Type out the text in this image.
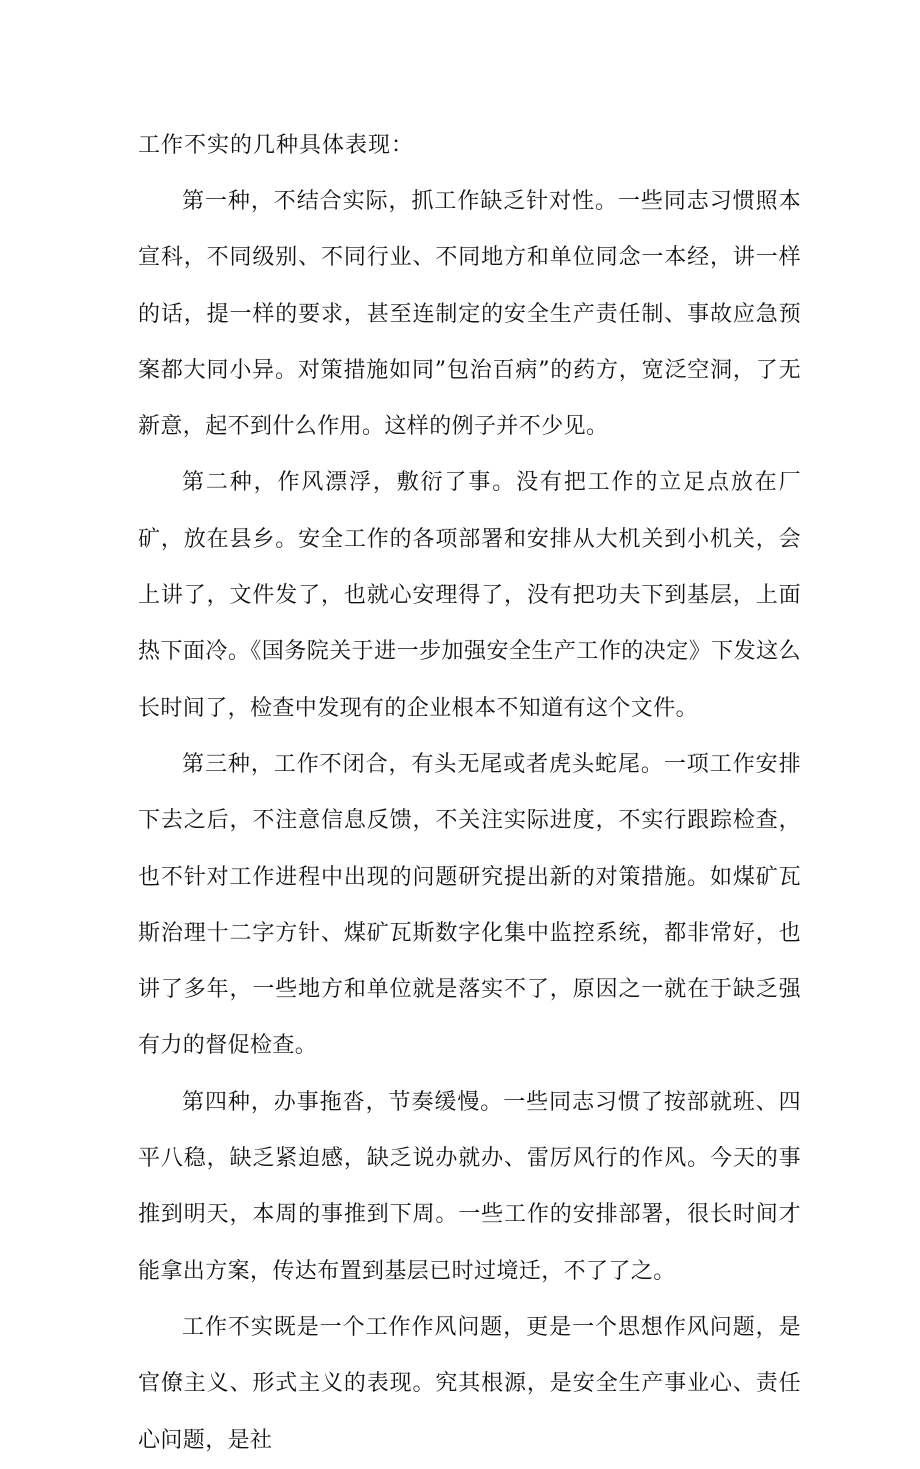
工作不实的几种具体表现：

第一种，不结合实际，抓工作缺乏针对性。一些同志习惯照本宣科，不同级别、不同行业、不同地方和单位同念一本经，讲一样的话，提一样的要求，甚至连制定的安全生产责任制、事故应急预案都大同小异。对策措施如同”包治百病”的药方，宽泛空洞，了无新意，起不到什么作用。这样的例子并不少见。

第二种，作风漂浮，敷衍了事。没有把工作的立足点放在厂矿，放在县乡。安全工作的各项部署和安排从大机关到小机关，会上讲了，文件发了，也就心安理得了，没有把功夫下到基层，上面热下面冷。《国务院关于进一步加强安全生产工作的决定》下发这么长时间了，检查中发现有的企业根本不知道有这个文件。

第三种，工作不闭合，有头无尾或者虎头蛇尾。一项工作安排下去之后，不注意信息反馈，不关注实际进度，不实行跟踪检查，也不针对工作进程中出现的问题研究提出新的对策措施。如煤矿瓦斯治理十二字方针、煤矿瓦斯数字化集中监控系统，都非常好，也讲了多年，一些地方和单位就是落实不了，原因之一就在于缺乏强有力的督促检查。

第四种，办事拖沓，节奏缓慢。一些同志习惯了按部就班、四平八稳，缺乏紧迫感，缺乏说办就办、雷厉风行的作风。今天的事推到明天，本周的事推到下周。一些工作的安排部署，很长时间才能拿出方案，传达布置到基层已时过境迁，不了了之。

工作不实既是一个工作作风问题，更是一个思想作风问题，是官僚主义、形式主义的表现。究其根源，是安全生产事业心、责任心问题，是社
